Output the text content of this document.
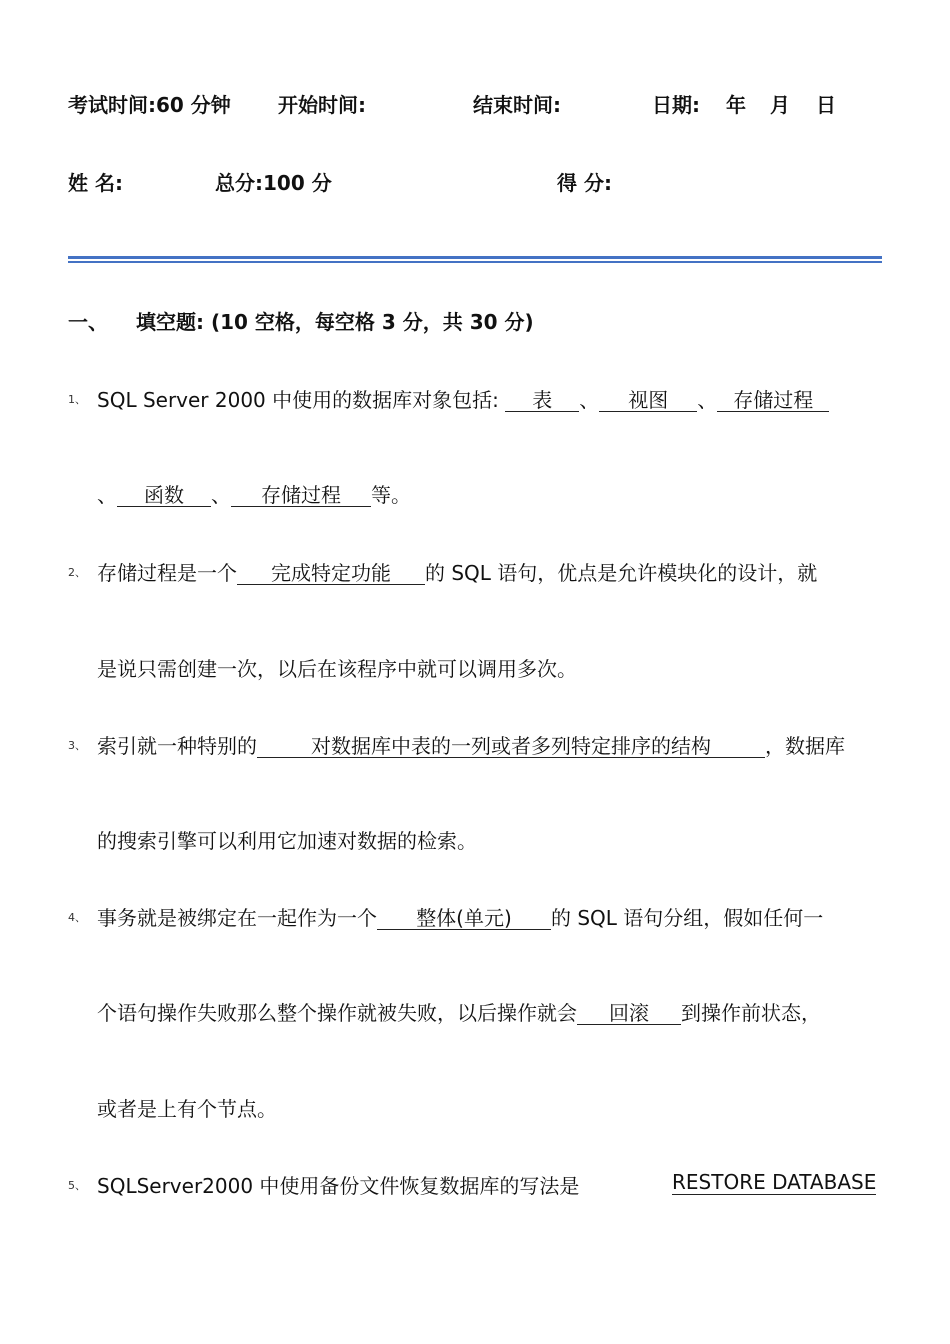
考试时间:60 分钟 开始时间:	结束时间:	日期: 年 月 日
姓 名:	总分:100 分	得 分:
一、 填空题: (10 空格，每空格 3 分，共 30 分)
1、 SQL Server 2000 中使用的数据库对象包括: 表 、 视图 、 存储过程
、 函数 、 存储过程 等。
2、 存储过程是一个 完成特定功能 的 SQL 语句，优点是允许模块化的设计，就
是说只需创建一次，以后在该程序中就可以调用多次。
3、 索引就一种特别的	对数据库中表的一列或者多列特定排序的结构	，数据库
的搜索引擎可以利用它加速对数据的检索。
4、 事务就是被绑定在一起作为一个 整体(单元) 的 SQL 语句分组，假如任何一
个语句操作失败那么整个操作就被失败，以后操作就会 回滚 到操作前状态，
或者是上有个节点。
5、 SQLServer2000 中使用备份文件恢复数据库的写法是	RESTORE DATABASE
